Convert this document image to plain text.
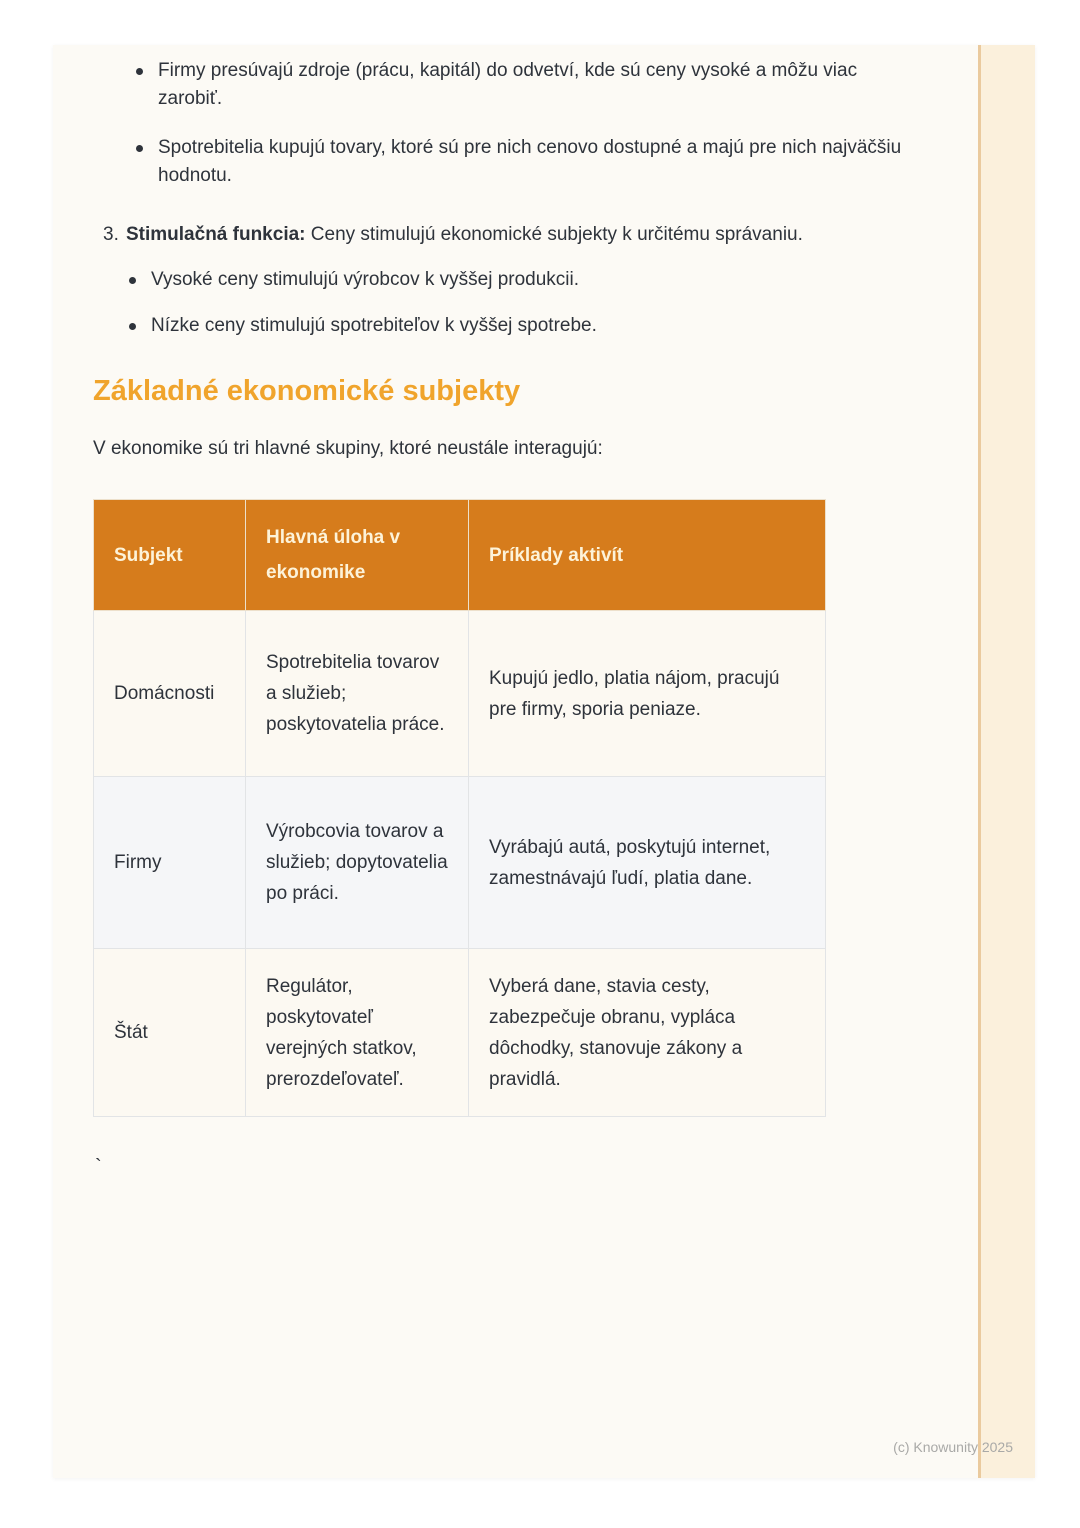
Firmy presúvajú zdroje (prácu, kapitál) do odvetví, kde sú ceny vysoké a môžu viac zarobiť.
Spotrebitelia kupujú tovary, ktoré sú pre nich cenovo dostupné a majú pre nich najväčšiu hodnotu.
3. Stimulačná funkcia: Ceny stimulujú ekonomické subjekty k určitému správaniu.
Vysoké ceny stimulujú výrobcov k vyššej produkcii.
Nízke ceny stimulujú spotrebiteľov k vyššej spotrebe.
Základné ekonomické subjekty

V ekonomike sú tri hlavné skupiny, ktoré neustále interagujú:

Subjekt	Hlavná úloha v ekonomike	Príklady aktivít
Domácnosti	Spotrebitelia tovarov a služieb; poskytovatelia práce.	Kupujú jedlo, platia nájom, pracujú pre firmy, sporia peniaze.
Firmy	Výrobcovia tovarov a služieb; dopytovatelia po práci.	Vyrábajú autá, poskytujú internet, zamestnávajú ľudí, platia dane.
Štát	Regulátor, poskytovateľ verejných statkov, prerozdeľovateľ.	Vyberá dane, stavia cesty, zabezpečuje obranu, vypláca dôchodky, stanovuje zákony a pravidlá.
`
(c) Knowunity 2025
